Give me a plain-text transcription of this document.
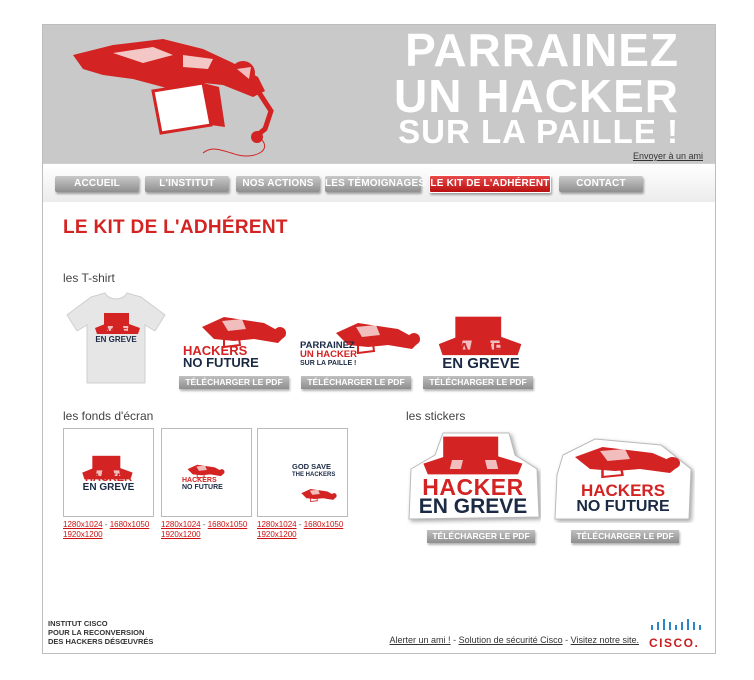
PARRAINEZ
UN HACKER
SUR LA PAILLE !
Envoyer à un ami
ACCUEIL	L'INSTITUT	NOS ACTIONS	LES TÉMOIGNAGES LE KIT DE L'ADHÉRENT	CONTACT
LE KIT DE L'ADHÉRENT
les T-shirt
HACKER
EN GREVE
HACKERS
NO FUTURE
TÉLÉCHARGER LE PDF
PARRAINEZ
UN HACKER
SUR LA PAILLE !
TÉLÉCHARGER LE PDF
HACKER
EN GREVE
TÉLÉCHARGER LE PDF
les fonds d'écran
HACKER
EN GREVE
1280x1024 - 1680x1050
1920x1200
HACKERS
NO FUTURE
1280x1024 - 1680x1050
1920x1200
GOD SAVE
THE HACKERS
1280x1024 - 1680x1050
1920x1200
les stickers
HACKER
EN GREVE
TÉLÉCHARGER LE PDF
HACKERS
NO FUTURE
TÉLÉCHARGER LE PDF
INSTITUT CISCO
POUR LA RECONVERSION
DES HACKERS DÉSŒUVRÉS	Alerter un ami ! - Solution de sécurité Cisco - Visitez notre site. CISCO.
